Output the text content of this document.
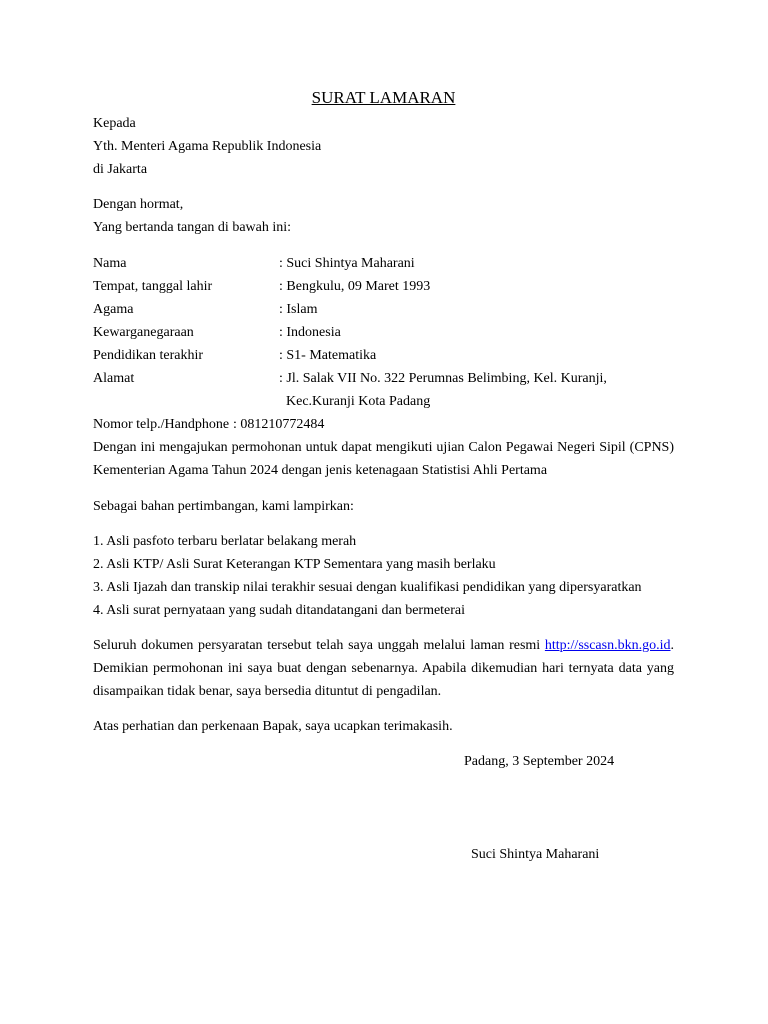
SURAT LAMARAN
Kepada
Yth. Menteri Agama Republik Indonesia
di Jakarta
Dengan hormat,
Yang bertanda tangan di bawah ini:
Nama	: Suci Shintya Maharani
Tempat, tanggal lahir	: Bengkulu, 09 Maret 1993
Agama	: Islam
Kewarganegaraan	: Indonesia
Pendidikan terakhir	: S1- Matematika
Alamat	: Jl. Salak VII No. 322 Perumnas Belimbing, Kel. Kuranji,
Kec.Kuranji Kota Padang
Nomor telp./Handphone : 081210772484
Dengan ini mengajukan permohonan untuk dapat mengikuti ujian Calon Pegawai Negeri Sipil (CPNS) Kementerian Agama Tahun 2024 dengan jenis ketenagaan Statistisi Ahli Pertama
Sebagai bahan pertimbangan, kami lampirkan:
1. Asli pasfoto terbaru berlatar belakang merah
2. Asli KTP/ Asli Surat Keterangan KTP Sementara yang masih berlaku
3. Asli Ijazah dan transkip nilai terakhir sesuai dengan kualifikasi pendidikan yang dipersyaratkan
4. Asli surat pernyataan yang sudah ditandatangani dan bermeterai
Seluruh dokumen persyaratan tersebut telah saya unggah melalui laman resmi http://sscasn.bkn.go.id. Demikian permohonan ini saya buat dengan sebenarnya. Apabila dikemudian hari ternyata data yang disampaikan tidak benar, saya bersedia dituntut di pengadilan.
Atas perhatian dan perkenaan Bapak, saya ucapkan terimakasih.
Padang, 3 September 2024
Suci Shintya Maharani
